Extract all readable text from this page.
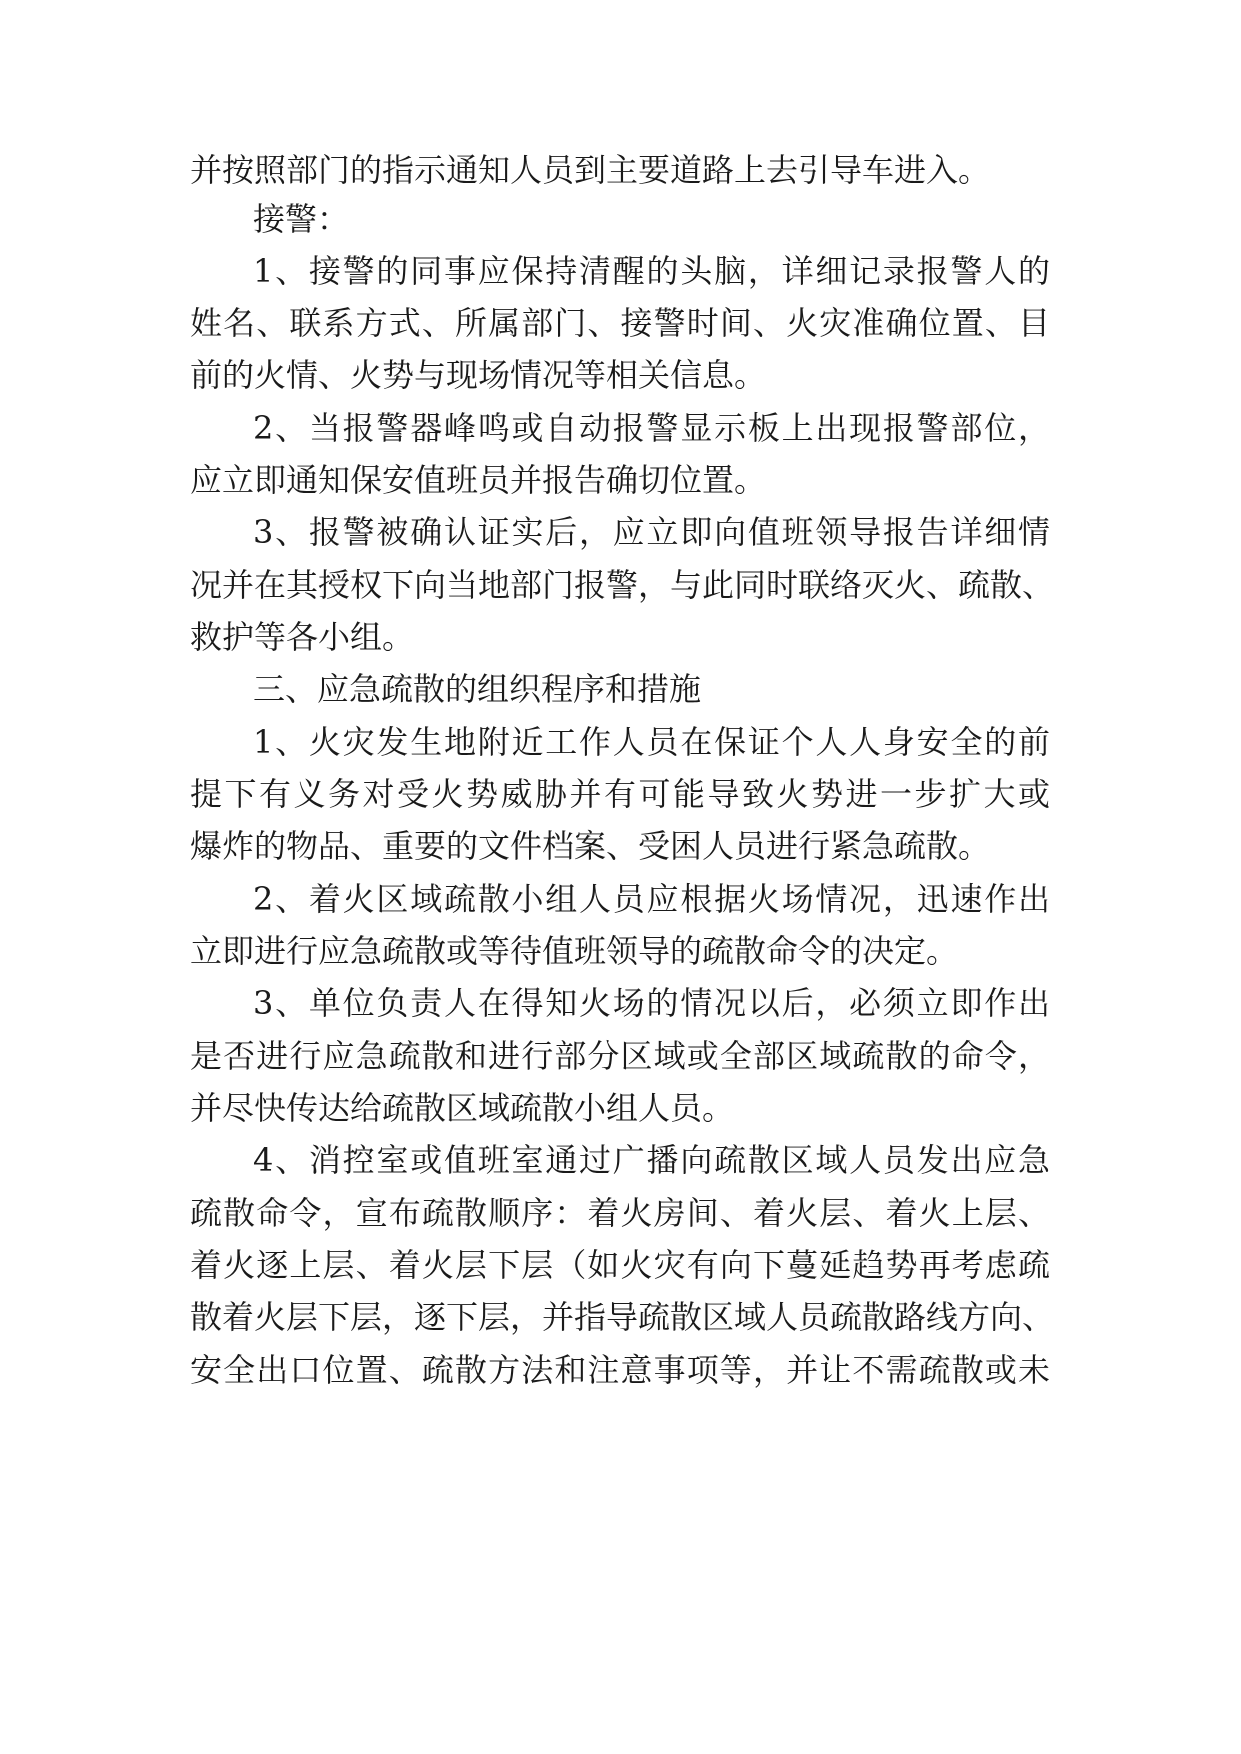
并按照部门的指示通知人员到主要道路上去引导车进入。
接警：
1、接警的同事应保持清醒的头脑，详细记录报警人的
姓名、联系方式、所属部门、接警时间、火灾准确位置、目
前的火情、火势与现场情况等相关信息。
2、当报警器峰鸣或自动报警显示板上出现报警部位，
应立即通知保安值班员并报告确切位置。
3、报警被确认证实后，应立即向值班领导报告详细情
况并在其授权下向当地部门报警，与此同时联络灭火、疏散、
救护等各小组。
三、应急疏散的组织程序和措施
1、火灾发生地附近工作人员在保证个人人身安全的前
提下有义务对受火势威胁并有可能导致火势进一步扩大或
爆炸的物品、重要的文件档案、受困人员进行紧急疏散。
2、着火区域疏散小组人员应根据火场情况，迅速作出
立即进行应急疏散或等待值班领导的疏散命令的决定。
3、单位负责人在得知火场的情况以后，必须立即作出
是否进行应急疏散和进行部分区域或全部区域疏散的命令，
并尽快传达给疏散区域疏散小组人员。
4、消控室或值班室通过广播向疏散区域人员发出应急
疏散命令，宣布疏散顺序：着火房间、着火层、着火上层、
着火逐上层、着火层下层（如火灾有向下蔓延趋势再考虑疏
散着火层下层，逐下层，并指导疏散区域人员疏散路线方向、
安全出口位置、疏散方法和注意事项等，并让不需疏散或未
